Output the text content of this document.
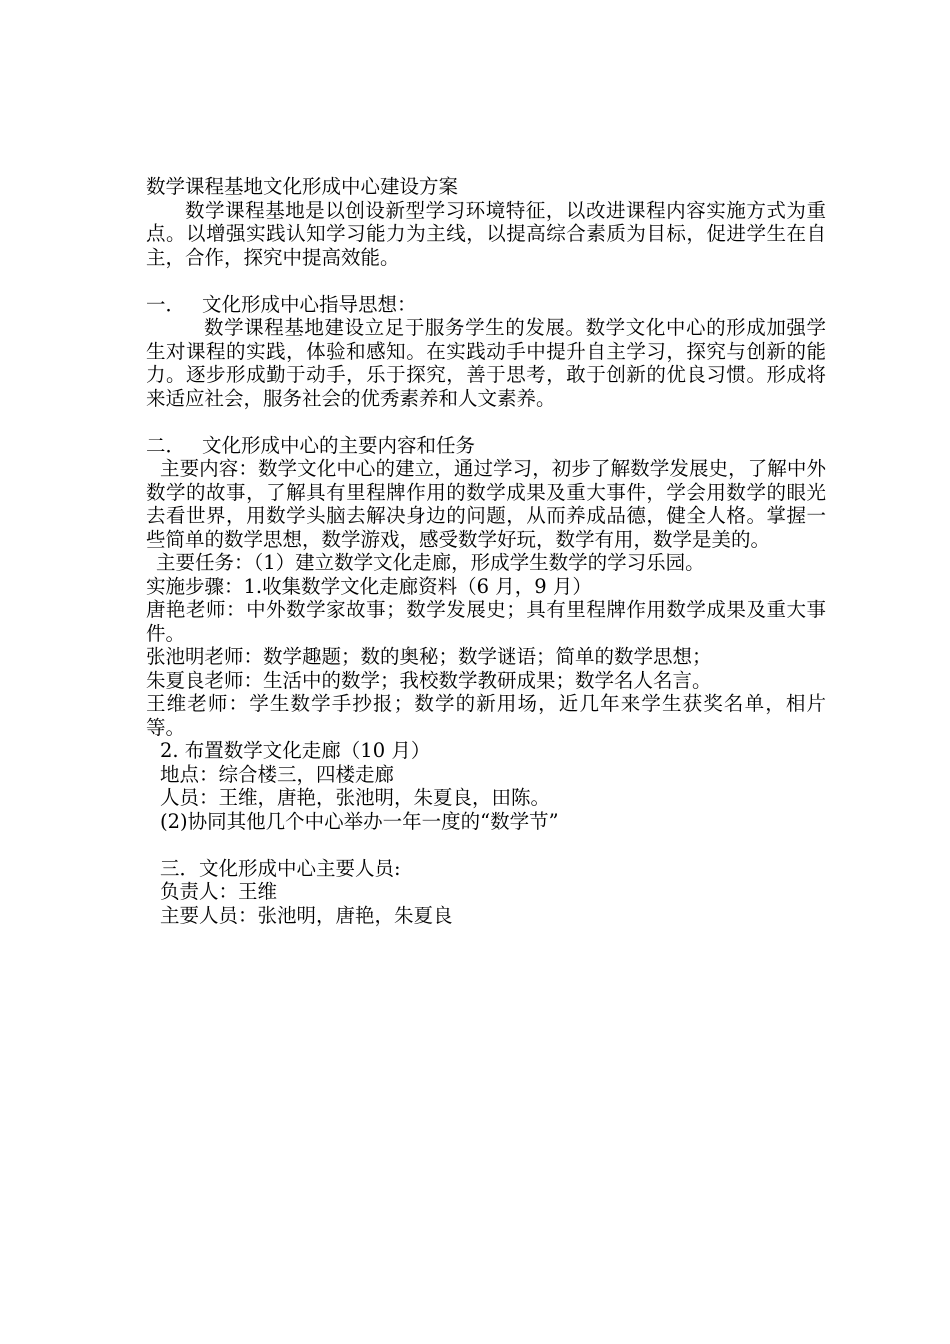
数学课程基地文化形成中心建设方案

数学课程基地是以创设新型学习环境特征，以改进课程内容实施方式为重点。以增强实践认知学习能力为主线，以提高综合素质为目标，促进学生在自主，合作，探究中提高效能。

一． 文化形成中心指导思想：

数学课程基地建设立足于服务学生的发展。数学文化中心的形成加强学生对课程的实践，体验和感知。在实践动手中提升自主学习，探究与创新的能力。逐步形成勤于动手，乐于探究，善于思考，敢于创新的优良习惯。形成将来适应社会，服务社会的优秀素养和人文素养。

二． 文化形成中心的主要内容和任务

主要内容：数学文化中心的建立，通过学习，初步了解数学发展史，了解中外数学的故事，了解具有里程牌作用的数学成果及重大事件，学会用数学的眼光去看世界，用数学头脑去解决身边的问题，从而养成品德，健全人格。掌握一些简单的数学思想，数学游戏，感受数学好玩，数学有用，数学是美的。

主要任务：（1）建立数学文化走廊，形成学生数学的学习乐园。

实施步骤：1.收集数学文化走廊资料（6 月，9 月）

唐艳老师：中外数学家故事；数学发展史；具有里程牌作用数学成果及重大事件。

张池明老师：数学趣题；数的奥秘；数学谜语；简单的数学思想；

朱夏良老师：生活中的数学；我校数学教研成果；数学名人名言。

王维老师：学生数学手抄报；数学的新用场，近几年来学生获奖名单，相片等。

2. 布置数学文化走廊（10 月）

地点：综合楼三，四楼走廊

人员：王维，唐艳，张池明，朱夏良，田陈。

(2)协同其他几个中心举办一年一度的“数学节”

三．文化形成中心主要人员:

负责人：王维

主要人员：张池明，唐艳，朱夏良
